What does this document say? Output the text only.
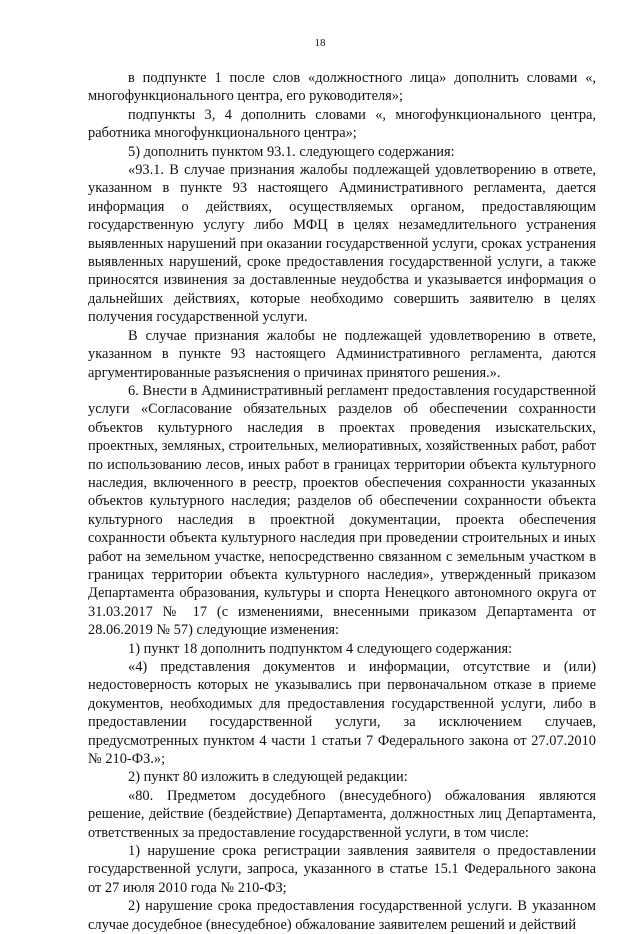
18

в подпункте 1 после слов «должностного лица» дополнить словами «, многофункционального центра, его руководителя»;

подпункты 3, 4 дополнить словами «, многофункционального центра, работника многофункционального центра»;

5) дополнить пунктом 93.1. следующего содержания:

«93.1. В случае признания жалобы подлежащей удовлетворению в ответе, указанном в пункте 93 настоящего Административного регламента, дается информация о действиях, осуществляемых органом, предоставляющим государственную услугу либо МФЦ в целях незамедлительного устранения выявленных нарушений при оказании государственной услуги, сроках устранения выявленных нарушений, сроке предоставления государственной услуги, а также приносятся извинения за доставленные неудобства и указывается информация о дальнейших действиях, которые необходимо совершить заявителю в целях получения государственной услуги.

В случае признания жалобы не подлежащей удовлетворению в ответе, указанном в пункте 93 настоящего Административного регламента, даются аргументированные разъяснения о причинах принятого решения.».

6. Внести в Административный регламент предоставления государственной услуги «Согласование обязательных разделов об обеспечении сохранности объектов культурного наследия в проектах проведения изыскательских, проектных, земляных, строительных, мелиоративных, хозяйственных работ, работ по использованию лесов, иных работ в границах территории объекта культурного наследия, включенного в реестр, проектов обеспечения сохранности указанных объектов культурного наследия; разделов об обеспечении сохранности объекта культурного наследия в проектной документации, проекта обеспечения сохранности объекта культурного наследия при проведении строительных и иных работ на земельном участке, непосредственно связанном с земельным участком в границах территории объекта культурного наследия», утвержденный приказом Департамента образования, культуры и спорта Ненецкого автономного округа от 31.03.2017 № 17 (с изменениями, внесенными приказом Департамента от 28.06.2019 № 57) следующие изменения:

1) пункт 18 дополнить подпунктом 4 следующего содержания:

«4) представления документов и информации, отсутствие и (или) недостоверность которых не указывались при первоначальном отказе в приеме документов, необходимых для предоставления государственной услуги, либо в предоставлении государственной услуги, за исключением случаев, предусмотренных пунктом 4 части 1 статьи 7 Федерального закона от 27.07.2010 № 210-ФЗ.»;

2) пункт 80 изложить в следующей редакции:

«80. Предметом досудебного (внесудебного) обжалования являются решение, действие (бездействие) Департамента, должностных лиц Департамента, ответственных за предоставление государственной услуги, в том числе:

1) нарушение срока регистрации заявления заявителя о предоставлении государственной услуги, запроса, указанного в статье 15.1 Федерального закона от 27 июля 2010 года № 210-ФЗ;

2) нарушение срока предоставления государственной услуги. В указанном случае досудебное (внесудебное) обжалование заявителем решений и действий
